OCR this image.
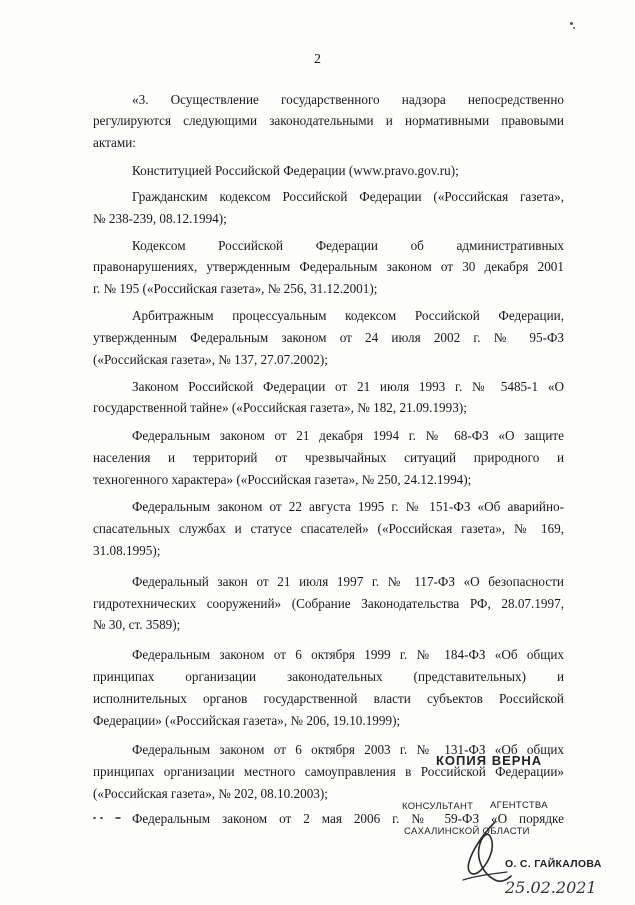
2
«3. Осуществление государственного надзора непосредственно
регулируются следующими законодательными и нормативными правовыми
актами:
Конституцией Российской Федерации (www.pravo.gov.ru);
Гражданским кодексом Российской Федерации («Российская газета»,
№ 238-239, 08.12.1994);
Кодексом Российской Федерации об административных
правонарушениях, утвержденным Федеральным законом от 30 декабря 2001
г. № 195 («Российская газета», № 256, 31.12.2001);
Арбитражным процессуальным кодексом Российской Федерации,
утвержденным Федеральным законом от 24 июля 2002 г. № 95-ФЗ
(«Российская газета», № 137, 27.07.2002);
Законом Российской Федерации от 21 июля 1993 г. № 5485-1 «О
государственной тайне» («Российская газета», № 182, 21.09.1993);
Федеральным законом от 21 декабря 1994 г. № 68-ФЗ «О защите
населения и территорий от чрезвычайных ситуаций природного и
техногенного характера» («Российская газета», № 250, 24.12.1994);
Федеральным законом от 22 августа 1995 г. № 151-ФЗ «Об аварийно-
спасательных службах и статусе спасателей» («Российская газета», № 169,
31.08.1995);
Федеральный закон от 21 июля 1997 г. № 117-ФЗ «О безопасности
гидротехнических сооружений» (Собрание Законодательства РФ, 28.07.1997,
№ 30, ст. 3589);
Федеральным законом от 6 октября 1999 г. № 184-ФЗ «Об общих
принципах организации законодательных (представительных) и
исполнительных органов государственной власти субъектов Российской
Федерации» («Российская газета», № 206, 19.10.1999);
Федеральным законом от 6 октября 2003 г. № 131-ФЗ «Об общих
принципах организации местного самоуправления в Российской Федерации»
(«Российская газета», № 202, 08.10.2003);
Федеральным законом от 2 мая 2006 г. № 59-ФЗ «О порядке
КОПИЯ ВЕРНА
КОНСУЛЬТАНТ АГЕНТСТВА
САХАЛИНСКОЙ ОБЛАСТИ
О. С. ГАЙКАЛОВА
25.02.2021
